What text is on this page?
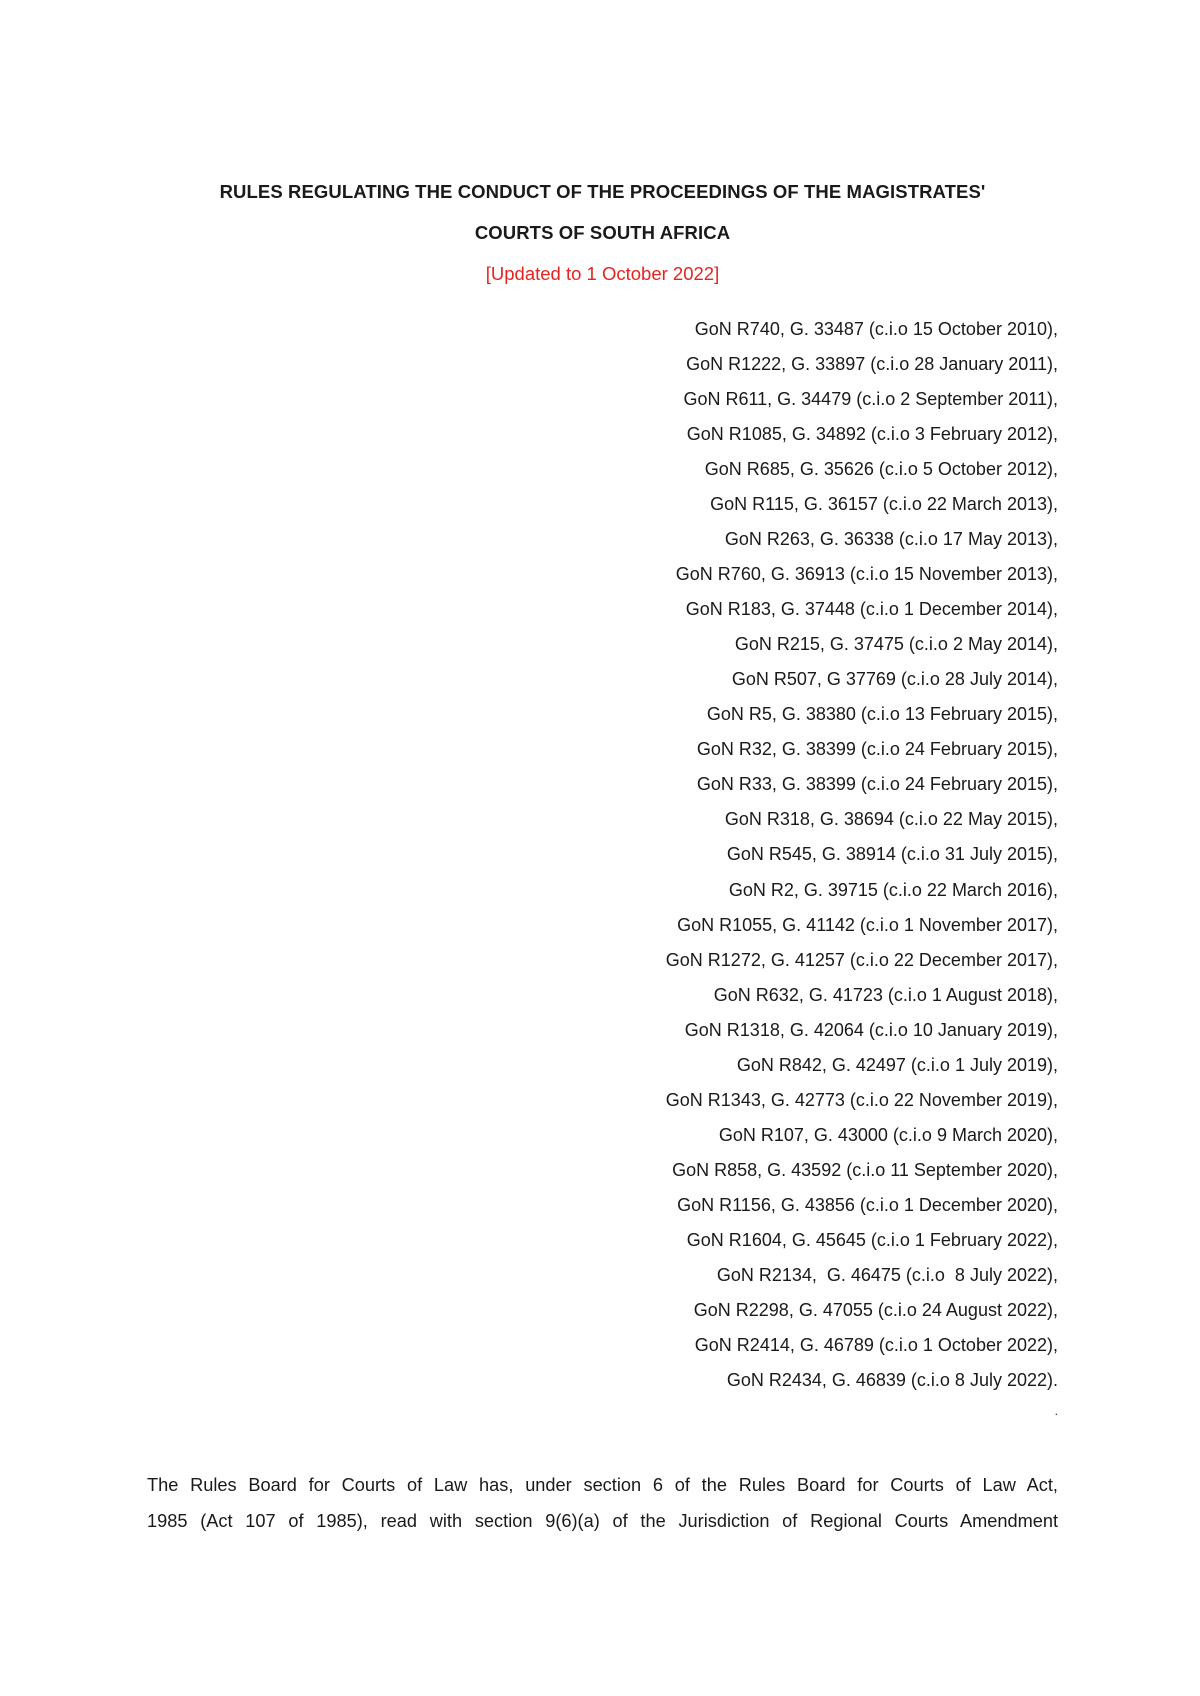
RULES REGULATING THE CONDUCT OF THE PROCEEDINGS OF THE MAGISTRATES'
COURTS OF SOUTH AFRICA
[Updated to 1 October 2022]
GoN R740, G. 33487 (c.i.o 15 October 2010),
GoN R1222, G. 33897 (c.i.o 28 January 2011),
GoN R611, G. 34479 (c.i.o 2 September 2011),
GoN R1085, G. 34892 (c.i.o 3 February 2012),
GoN R685, G. 35626 (c.i.o 5 October 2012),
GoN R115, G. 36157 (c.i.o 22 March 2013),
GoN R263, G. 36338 (c.i.o 17 May 2013),
GoN R760, G. 36913 (c.i.o 15 November 2013),
GoN R183, G. 37448 (c.i.o 1 December 2014),
GoN R215, G. 37475 (c.i.o 2 May 2014),
GoN R507, G 37769 (c.i.o 28 July 2014),
GoN R5, G. 38380 (c.i.o 13 February 2015),
GoN R32, G. 38399 (c.i.o 24 February 2015),
GoN R33, G. 38399 (c.i.o 24 February 2015),
GoN R318, G. 38694 (c.i.o 22 May 2015),
GoN R545, G. 38914 (c.i.o 31 July 2015),
GoN R2, G. 39715 (c.i.o 22 March 2016),
GoN R1055, G. 41142 (c.i.o 1 November 2017),
GoN R1272, G. 41257 (c.i.o 22 December 2017),
GoN R632, G. 41723 (c.i.o 1 August 2018),
GoN R1318, G. 42064 (c.i.o 10 January 2019),
GoN R842, G. 42497 (c.i.o 1 July 2019),
GoN R1343, G. 42773 (c.i.o 22 November 2019),
GoN R107, G. 43000 (c.i.o 9 March 2020),
GoN R858, G. 43592 (c.i.o 11 September 2020),
GoN R1156, G. 43856 (c.i.o 1 December 2020),
GoN R1604, G. 45645 (c.i.o 1 February 2022),
GoN R2134,  G. 46475 (c.i.o  8 July 2022),
GoN R2298, G. 47055 (c.i.o 24 August 2022),
GoN R2414, G. 46789 (c.i.o 1 October 2022),
GoN R2434, G. 46839 (c.i.o 8 July 2022).
.

The Rules Board for Courts of Law has, under section 6 of the Rules Board for Courts of Law Act,
1985 (Act 107 of 1985), read with section 9(6)(a) of the Jurisdiction of Regional Courts Amendment
